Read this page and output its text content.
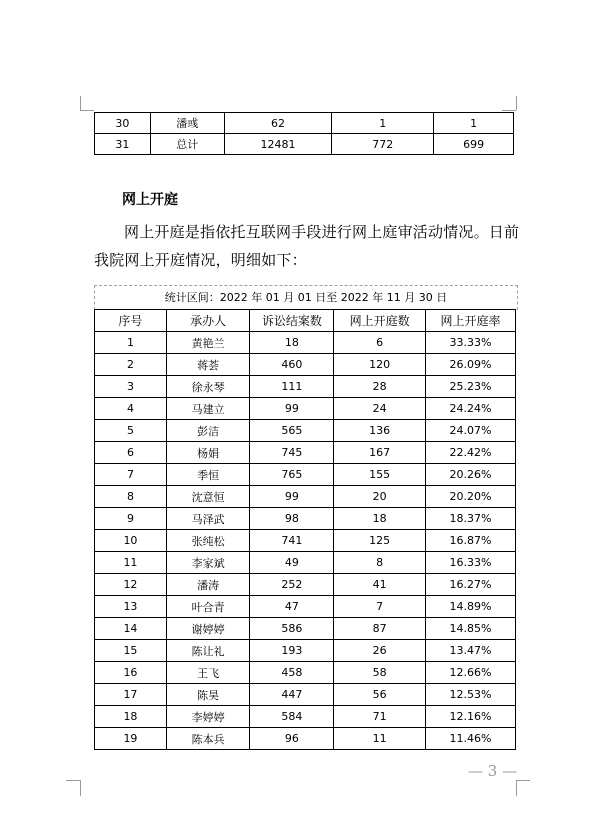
30	潘彧	62	1	1
31	总计	12481	772	699
网上开庭

网上开庭是指依托互联网手段进行网上庭审活动情况。日前我院网上开庭情况，明细如下：

统计区间：2022 年 01 月 01 日至 2022 年 11 月 30 日
序号	承办人	诉讼结案数	网上开庭数	网上开庭率
1	黄艳兰	18	6	33.33%
2	蒋荟	460	120	26.09%
3	徐永琴	111	28	25.23%
4	马建立	99	24	24.24%
5	彭洁	565	136	24.07%
6	杨娟	745	167	22.42%
7	季恒	765	155	20.26%
8	沈意恒	99	20	20.20%
9	马泽武	98	18	18.37%
10	张纯松	741	125	16.87%
11	李家斌	49	8	16.33%
12	潘涛	252	41	16.27%
13	叶合青	47	7	14.89%
14	谢婷婷	586	87	14.85%
15	陈让礼	193	26	13.47%
16	王飞	458	58	12.66%
17	陈昊	447	56	12.53%
18	李婷婷	584	71	12.16%
19	陈本兵	96	11	11.46%
— 3 —
